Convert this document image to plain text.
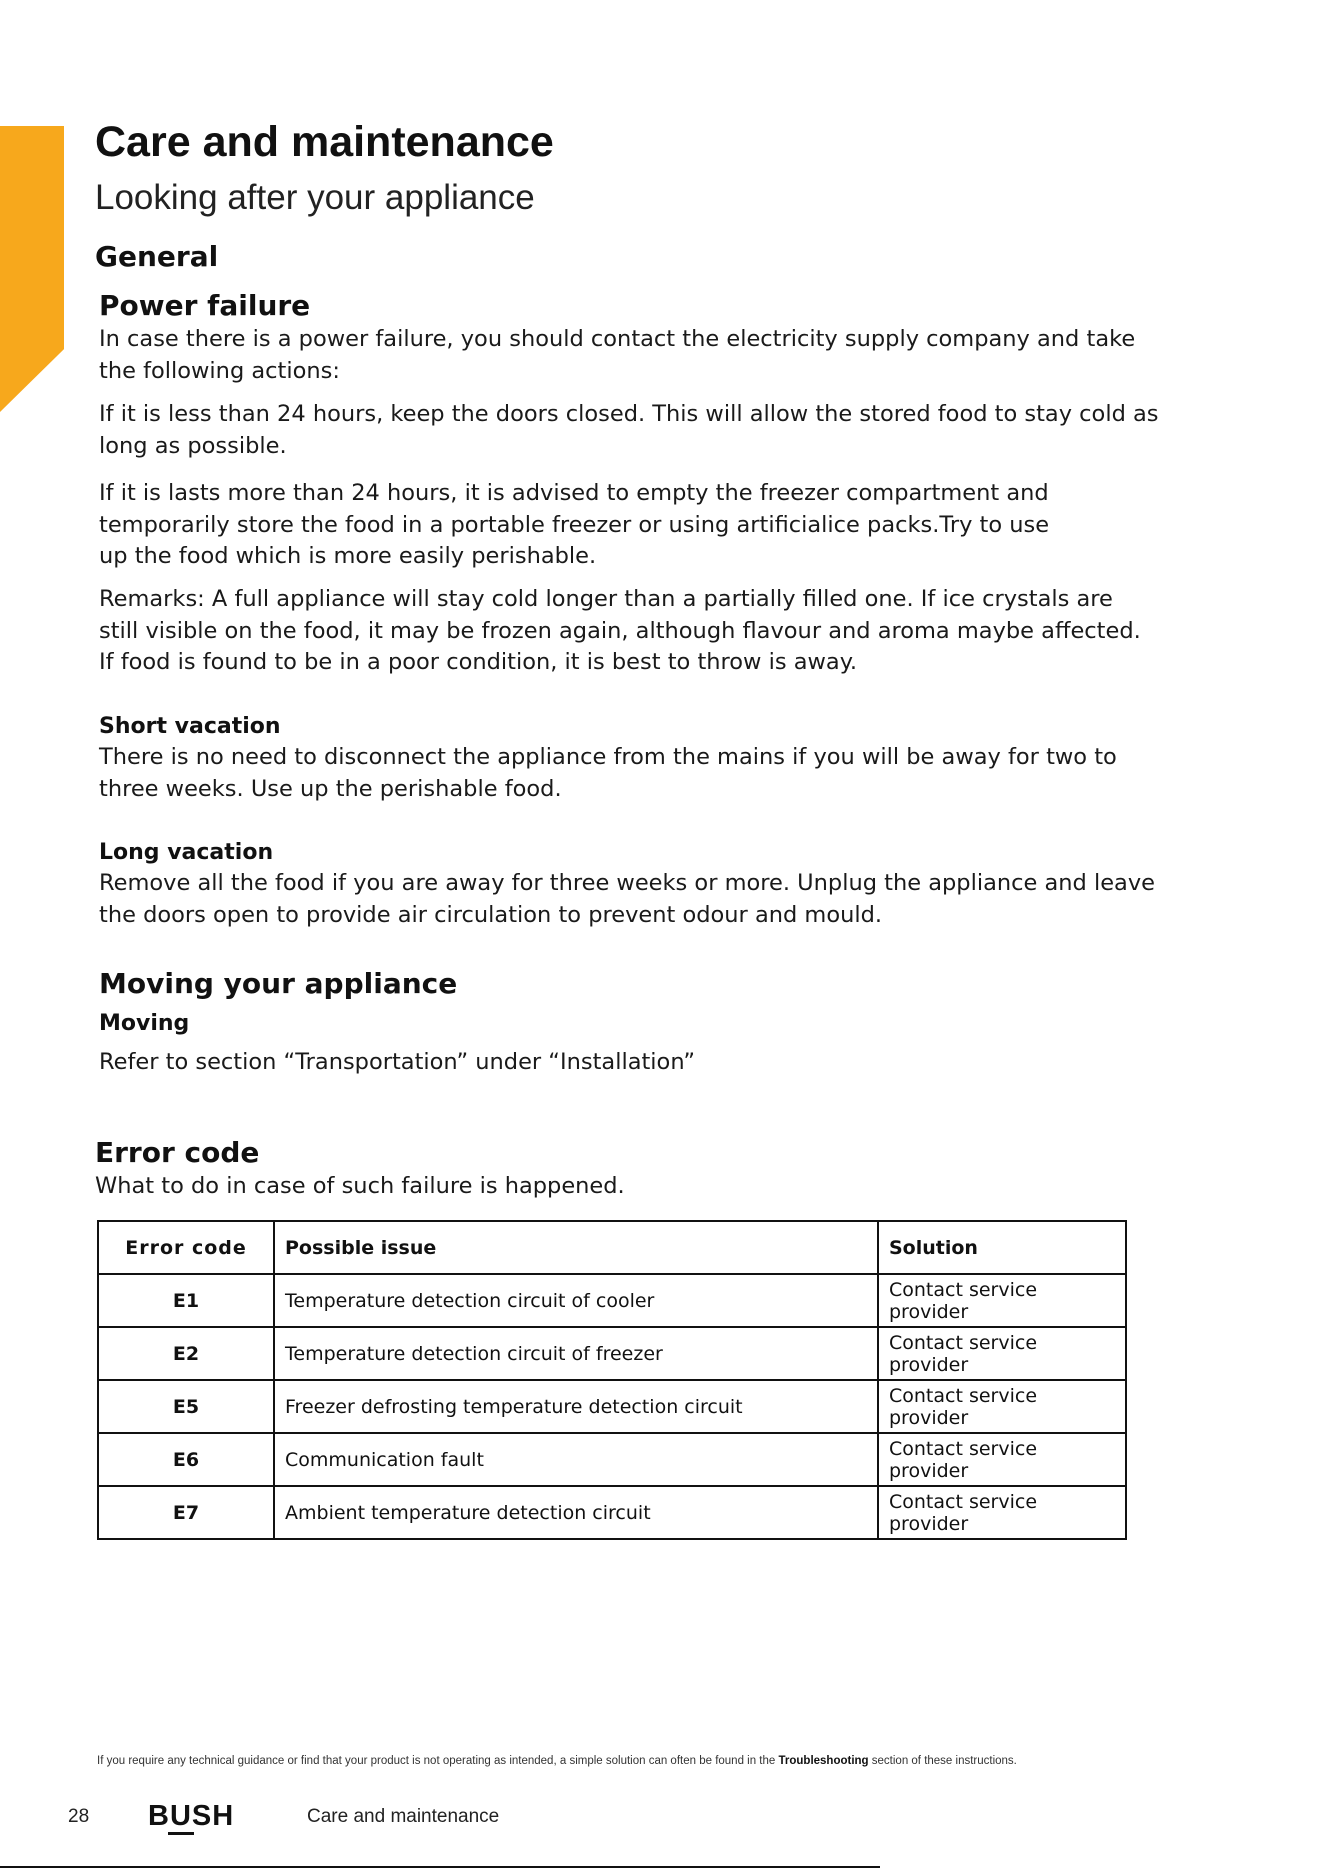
Care and maintenance
Looking after your appliance
General
Power failure

In case there is a power failure, you should contact the electricity supply company and take
the following actions:

If it is less than 24 hours, keep the doors closed. This will allow the stored food to stay cold as
long as possible.

If it is lasts more than 24 hours, it is advised to empty the freezer compartment and
temporarily store the food in a portable freezer or using artificialice packs.Try to use
up the food which is more easily perishable.

Remarks: A full appliance will stay cold longer than a partially filled one. If ice crystals are
still visible on the food, it may be frozen again, although flavour and aroma maybe affected.
If food is found to be in a poor condition, it is best to throw is away.

Short vacation

There is no need to disconnect the appliance from the mains if you will be away for two to
three weeks. Use up the perishable food.

Long vacation

Remove all the food if you are away for three weeks or more. Unplug the appliance and leave
the doors open to provide air circulation to prevent odour and mould.

Moving your appliance
Moving

Refer to section “Transportation” under “Installation”

Error code

What to do in case of such failure is happened.

Error code	Possible issue	Solution
E1	Temperature detection circuit of cooler	Contact service provider
E2	Temperature detection circuit of freezer	Contact service provider
E5	Freezer defrosting temperature detection circuit	Contact service provider
E6	Communication fault	Contact service provider
E7	Ambient temperature detection circuit	Contact service provider
If you require any technical guidance or find that your product is not operating as intended, a simple solution can often be found in the Troubleshooting section of these instructions.
28 BUSH	Care and maintenance
